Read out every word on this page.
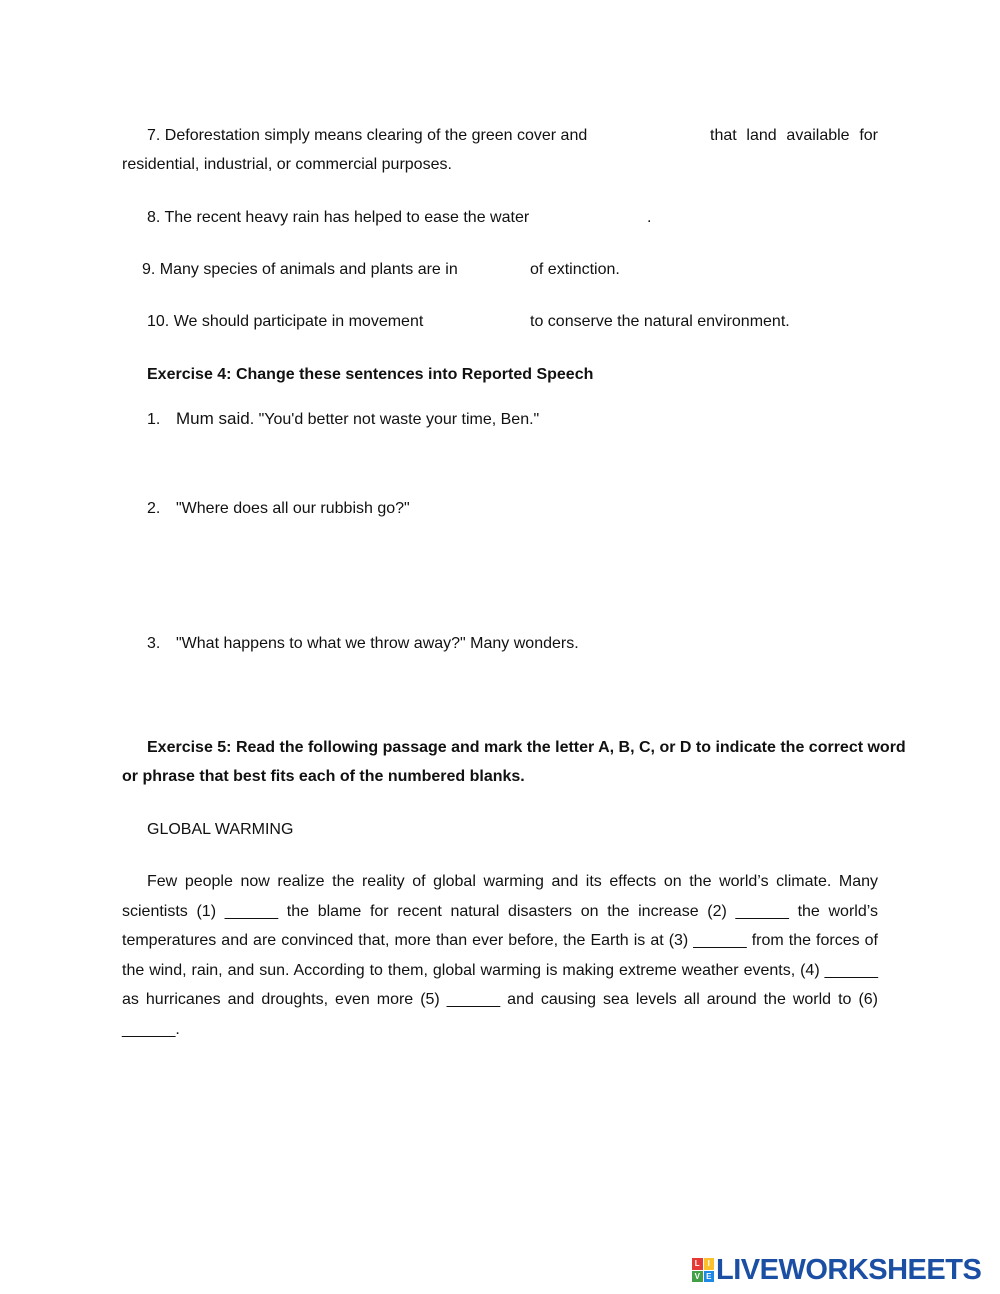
7. Deforestation simply means clearing of the green cover and	that land available for
residential, industrial, or commercial purposes.
8. The recent heavy rain has helped to ease the water	.
9. Many species of animals and plants are in	of extinction.
10. We should participate in movement	to conserve the natural environment.
Exercise 4: Change these sentences into Reported Speech
1. Mum said. "You'd better not waste your time, Ben."
2. "Where does all our rubbish go?"
3. "What happens to what we throw away?" Many wonders.
Exercise 5: Read the following passage and mark the letter A, B, C, or D to indicate the correct word
or phrase that best fits each of the numbered blanks.
GLOBAL WARMING
Few people now realize the reality of global warming and its effects on the world’s climate. Many scientists (1) ______ the blame for recent natural disasters on the increase (2) ______ the world’s temperatures and are convinced that, more than ever before, the Earth is at (3) ______ from the forces of the wind, rain, and sun. According to them, global warming is making extreme weather events, (4) ______ as hurricanes and droughts, even more (5) ______ and causing sea levels all around the world to (6) ______.
L I
V E LIVEWORKSHEETS
